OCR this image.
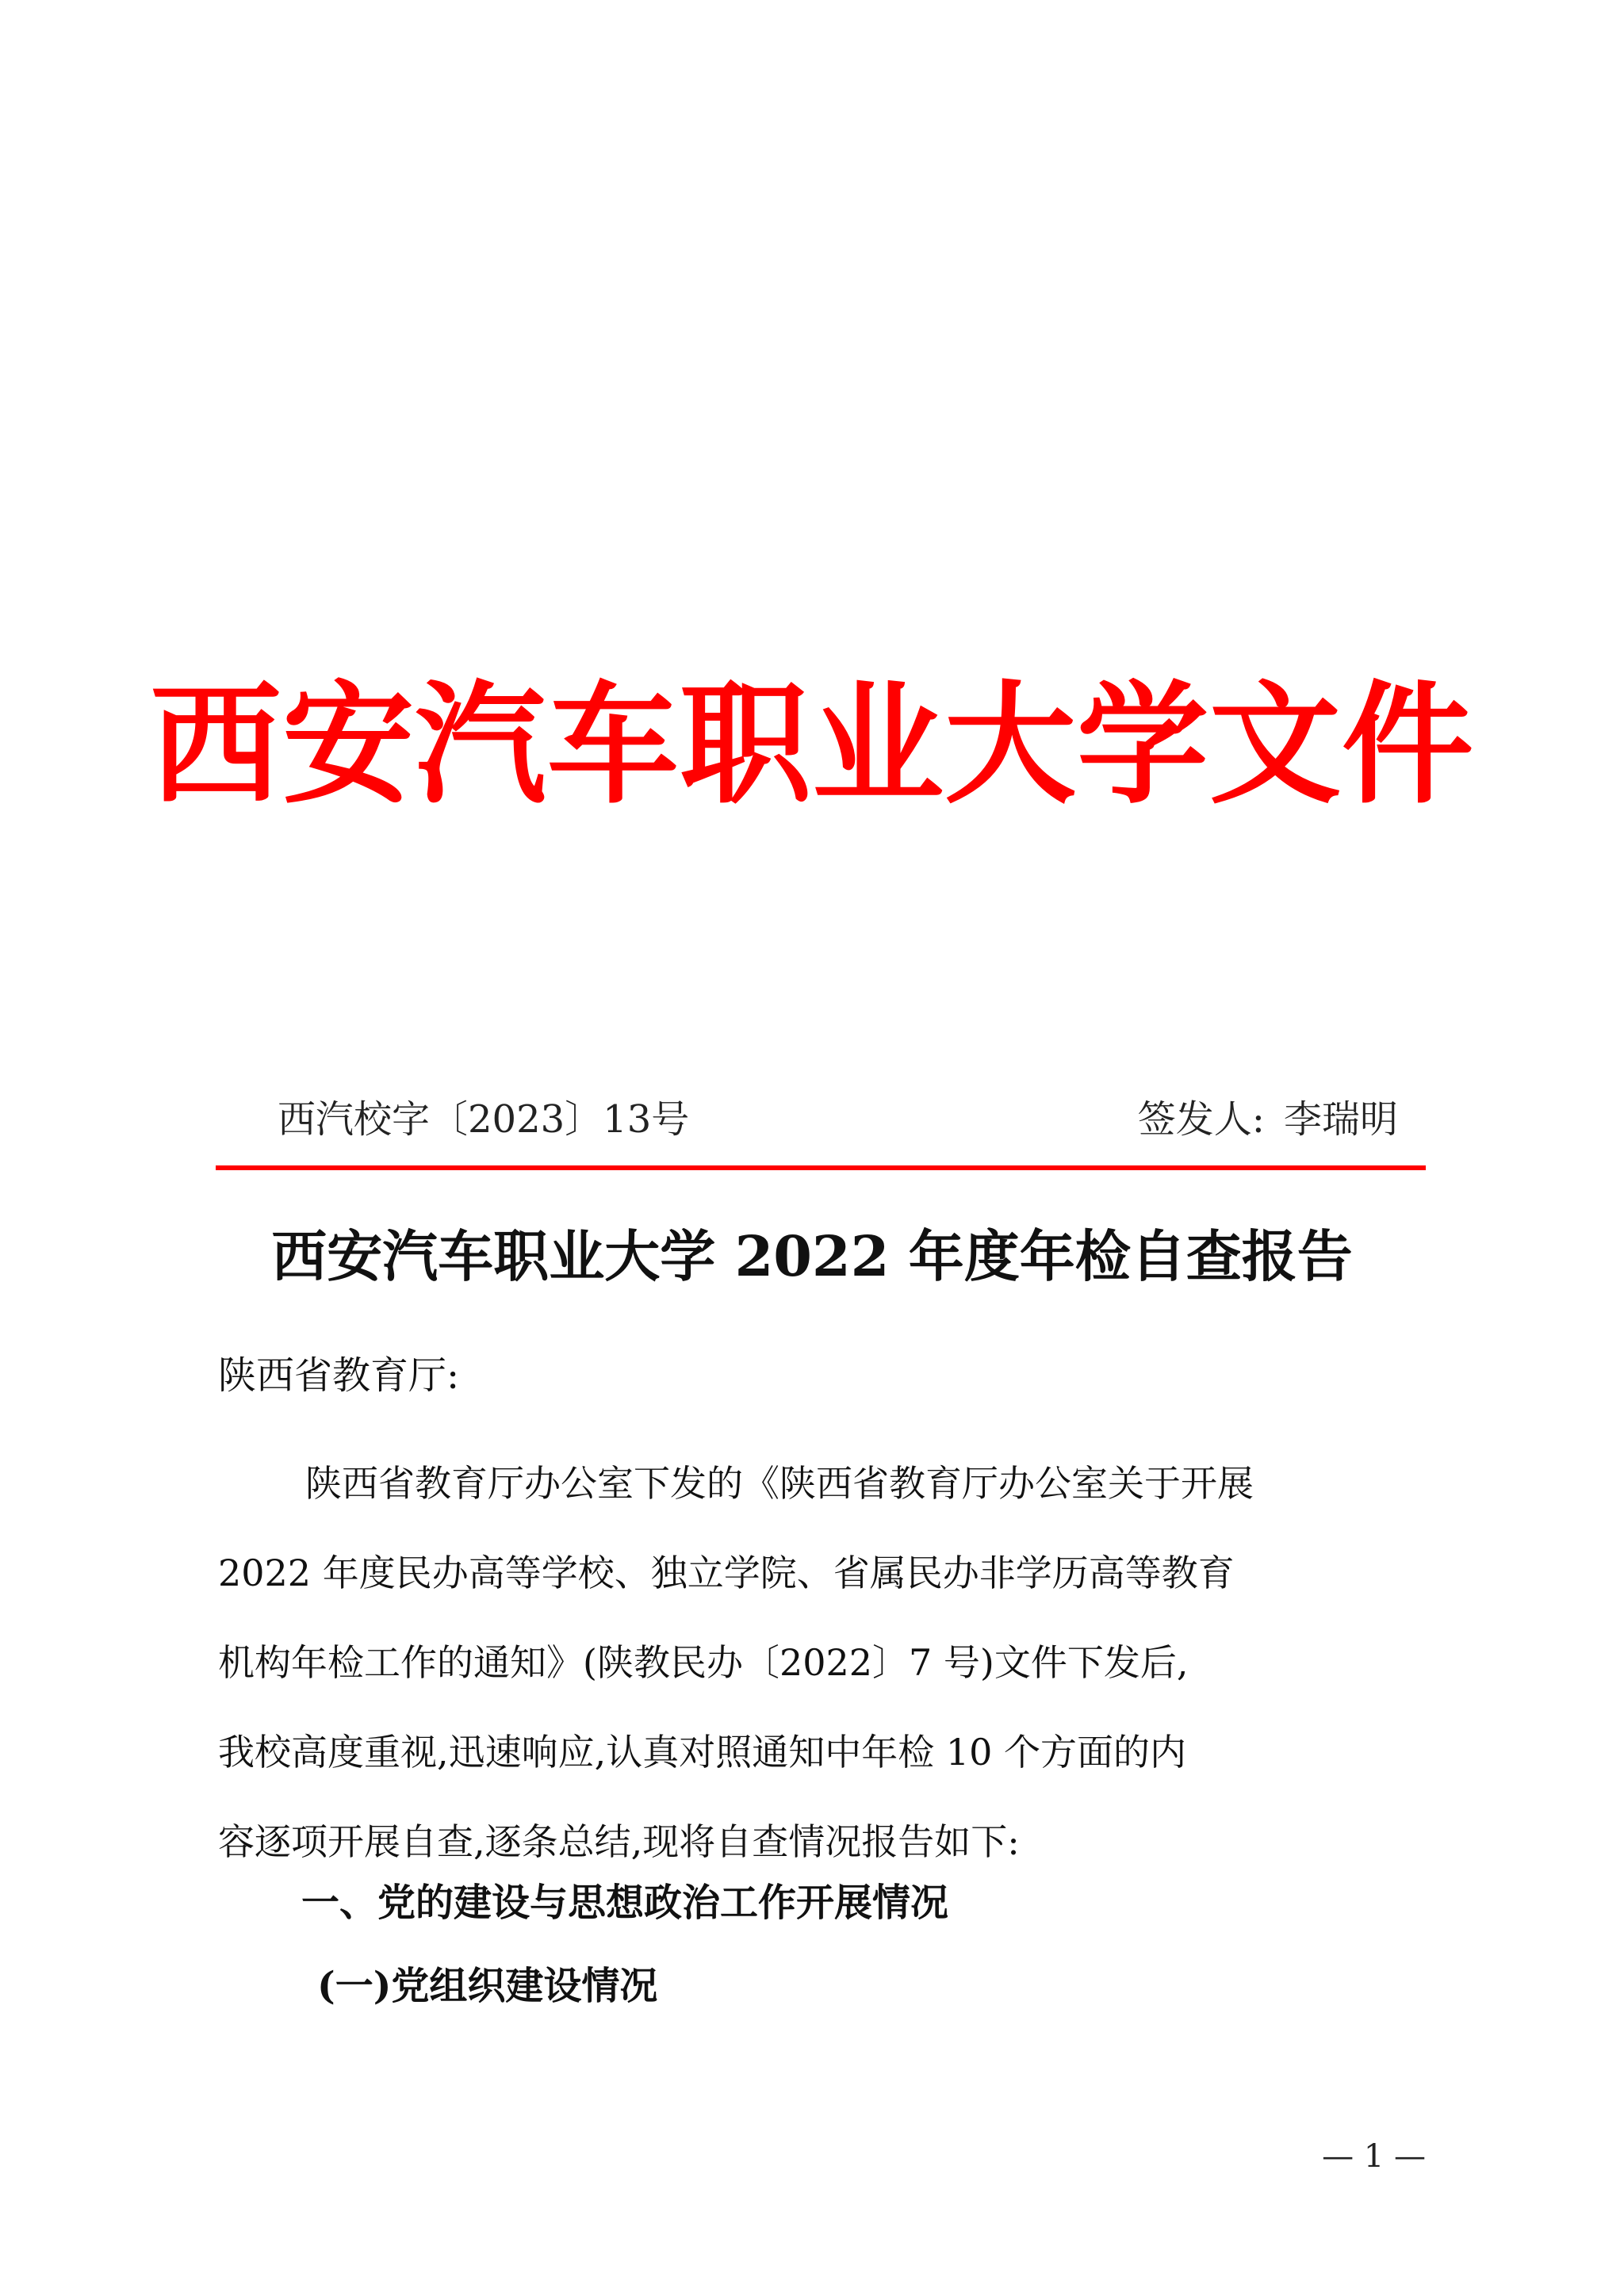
西安汽车职业大学文件
西汽校字〔2023〕13号	签发人: 李瑞明
西安汽车职业大学 2022 年度年检自查报告
陕西省教育厅:
陕西省教育厅办公室下发的《陕西省教育厅办公室关于开展
2022 年度民办高等学校、独立学院、省属民办非学历高等教育
机构年检工作的通知》(陕教民办〔2022〕7 号)文件下发后,
我校高度重视,迅速响应,认真对照通知中年检 10 个方面的内
容逐项开展自查,逐条总结,现将自查情况报告如下:
一、党的建设与思想政治工作开展情况
(一)党组织建设情况
— 1 —
